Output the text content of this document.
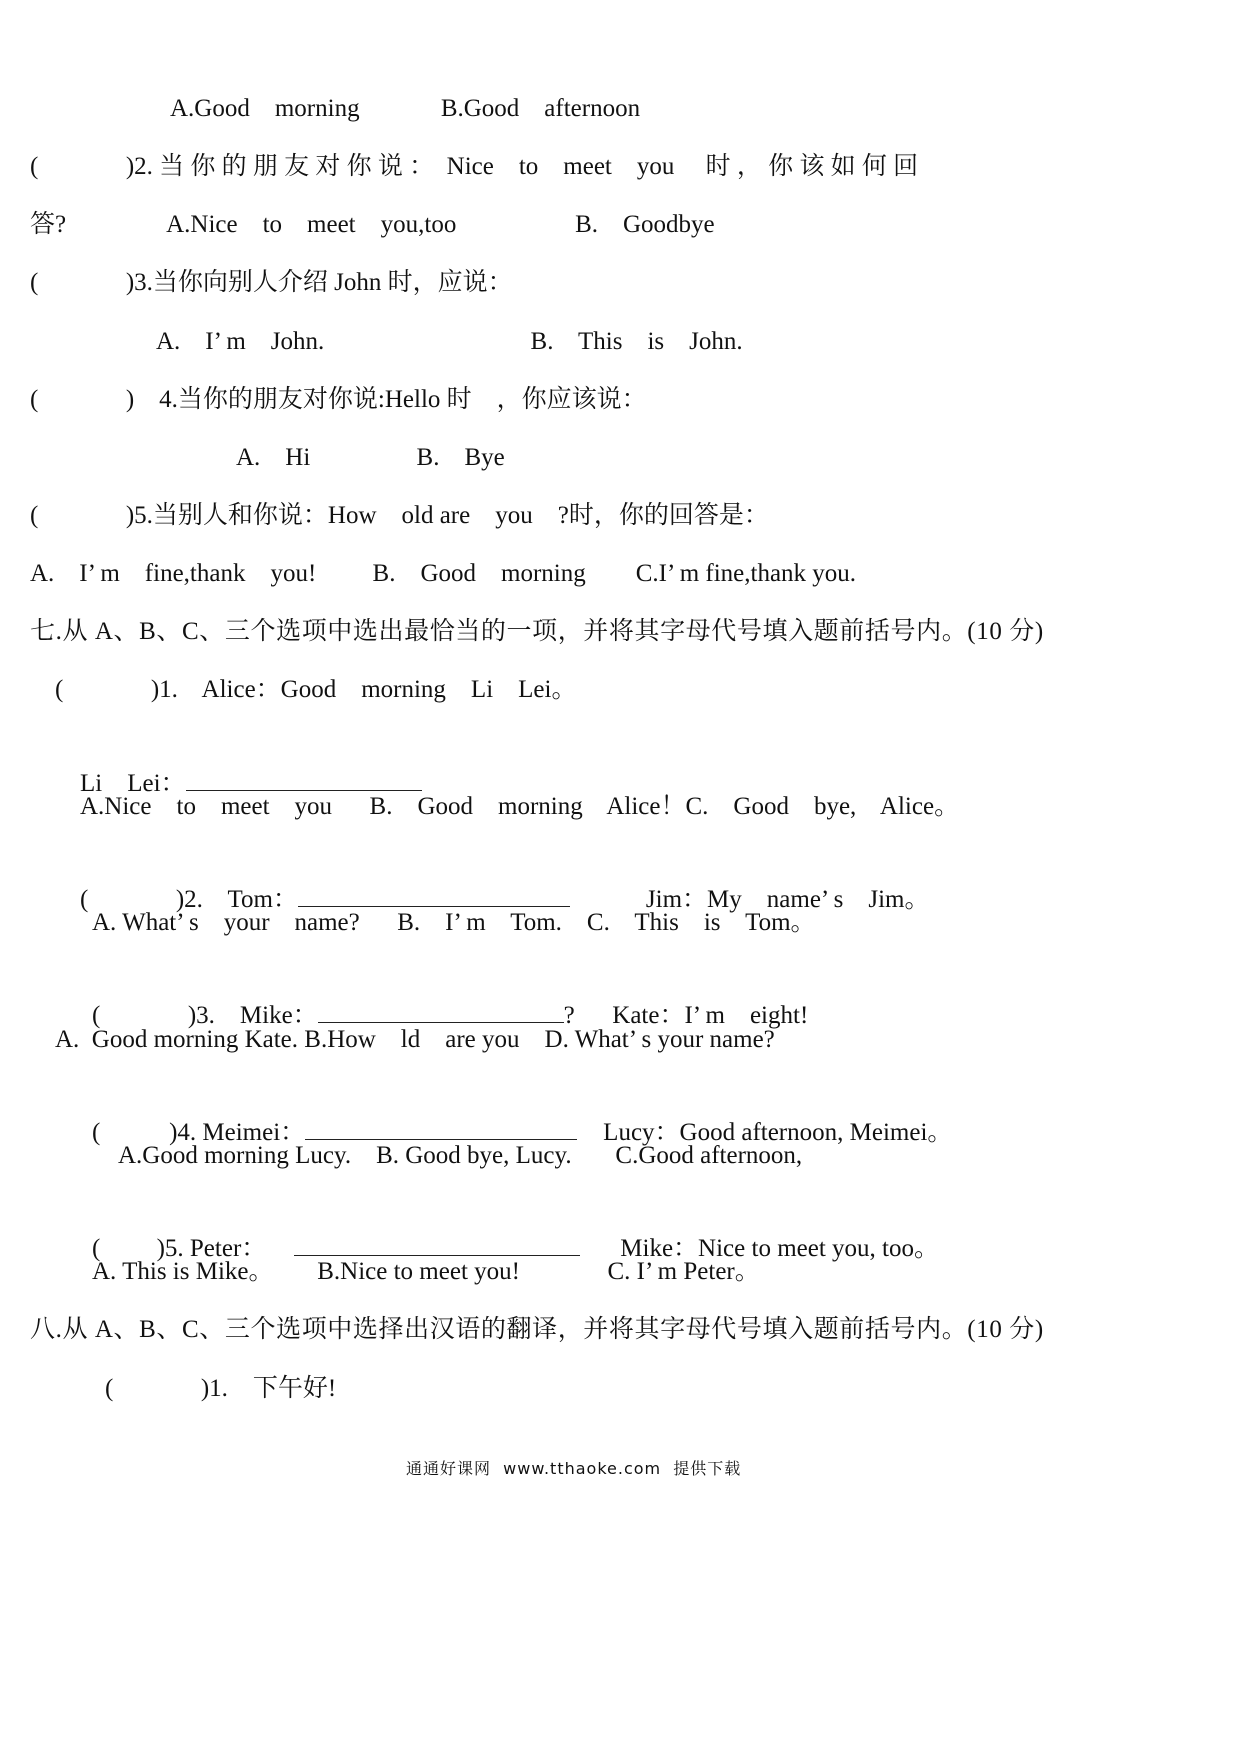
A.Good    morning             B.Good    afternoon

(              )2. 当 你 的 朋 友 对 你 说 ：  Nice    to    meet    you     时 ， 你 该 如 何 回

答?                A.Nice    to    meet    you,too                   B.    Goodbye

(              )3.当你向别人介绍 John 时，应说：

A.    I’ m    John.                                 B.    This    is    John.

(              )    4.当你的朋友对你说:Hello 时    ，你应该说：

A.    Hi                 B.    Bye

(              )5.当别人和你说：How    old are    you    ?时，你的回答是：

A.    I’ m    fine,thank    you!         B.    Good    morning        C.I’ m fine,thank you.

七.从 A、B、C、三个选项中选出最恰当的一项，并将其字母代号填入题前括号内。(10 分)

(              )1.    Alice：Good    morning    Li    Lei。

Li    Lei：

A.Nice    to    meet    you      B.    Good    morning    Alice！C.    Good    bye,    Alice。

(              )2.    Tom：	Jim：My    name’ s    Jim。

A. What’ s    your    name?      B.    I’ m    Tom.    C.    This    is    Tom。

(              )3.    Mike：	?      Kate：I’ m    eight!

A.  Good morning Kate. B.How    ld    are you    D. What’ s your name?

(           )4. Meimei：	Lucy：Good afternoon, Meimei。

A.Good morning Lucy.    B. Good bye, Lucy.       C.Good afternoon,

(         )5. Peter：	Mike：Nice to meet you, too。

A. This is Mike。       B.Nice to meet you!              C. I’ m Peter。

八.从 A、B、C、三个选项中选择出汉语的翻译，并将其字母代号填入题前括号内。(10 分)

(              )1.    下午好!

通通好课网  www.tthaoke.com  提供下载
